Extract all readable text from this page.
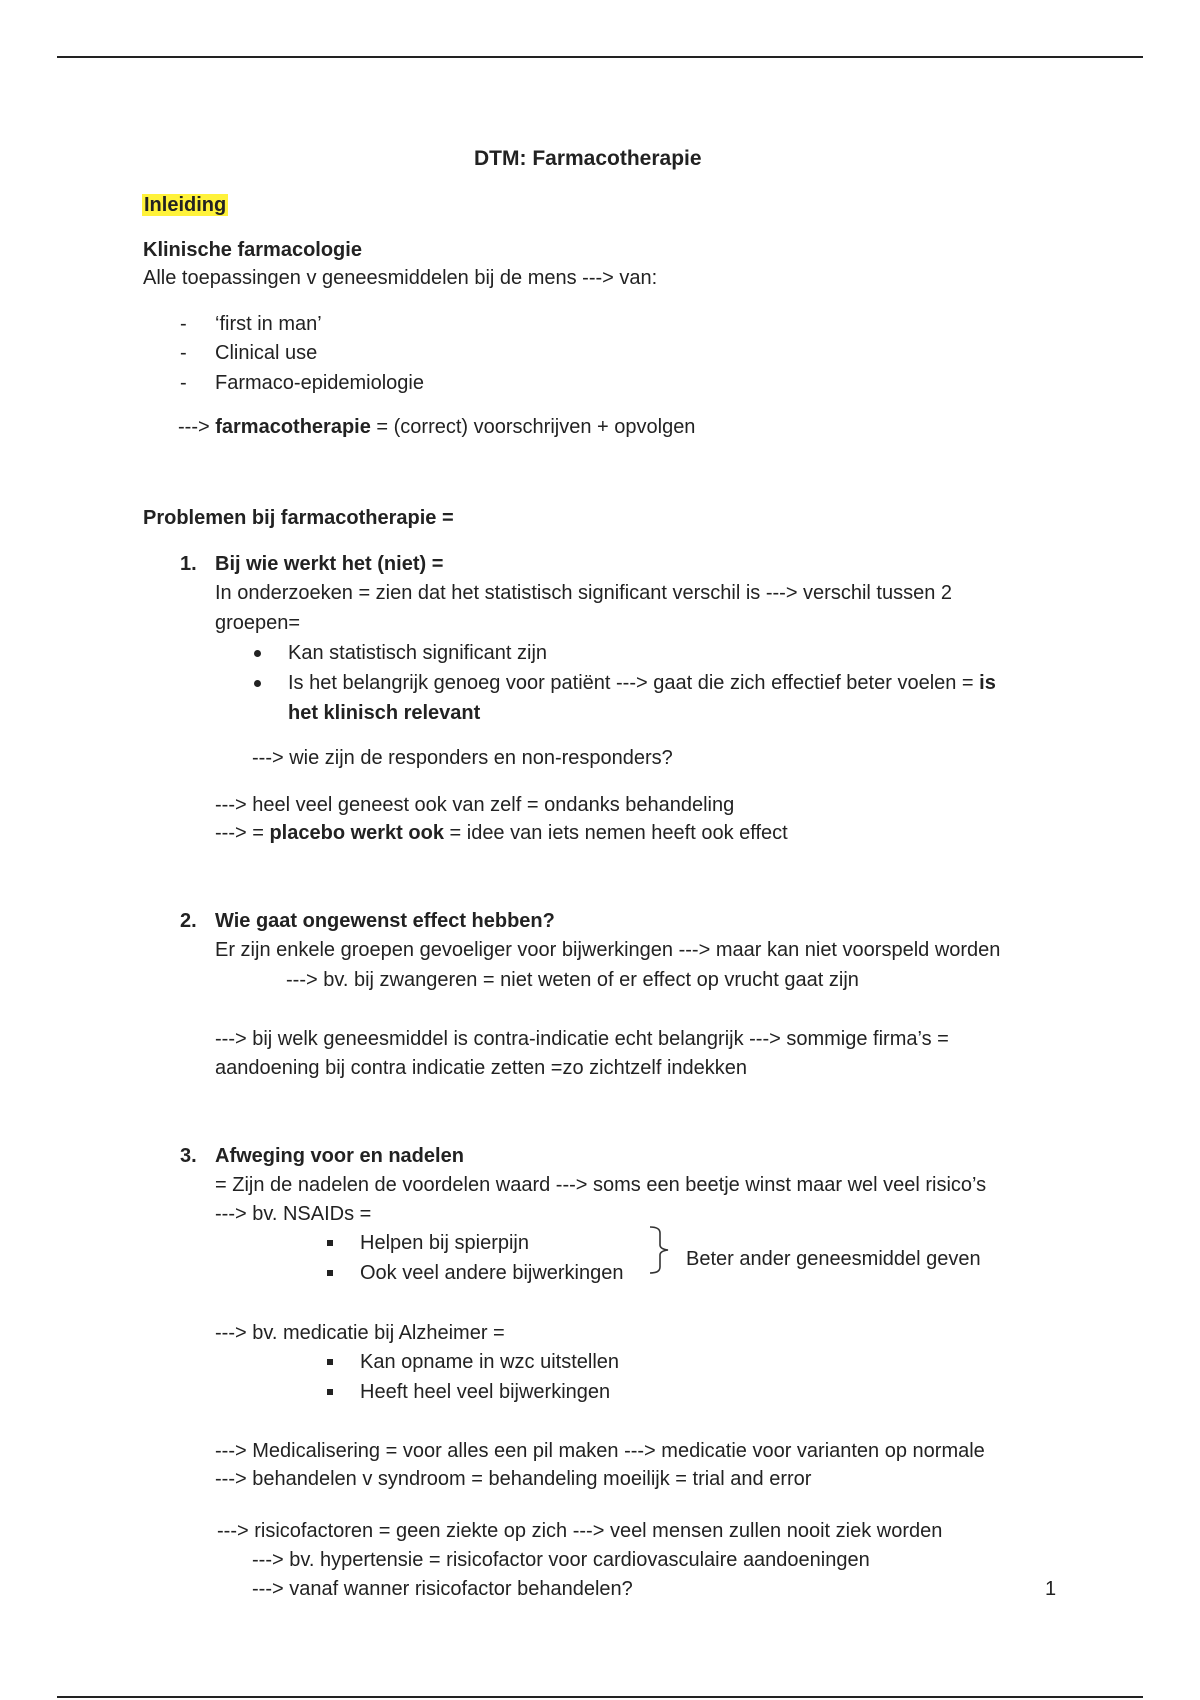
DTM: Farmacotherapie
Inleiding
Klinische farmacologie
Alle toepassingen v geneesmiddelen bij de mens ---> van:
- ‘first in man’
- Clinical use
- Farmaco-epidemiologie
---> farmacotherapie = (correct) voorschrijven + opvolgen
Problemen bij farmacotherapie =
1. Bij wie werkt het (niet) =
In onderzoeken = zien dat het statistisch significant verschil is ---> verschil tussen 2
groepen=
Kan statistisch significant zijn
Is het belangrijk genoeg voor patiënt ---> gaat die zich effectief beter voelen = is
het klinisch relevant
---> wie zijn de responders en non-responders?
---> heel veel geneest ook van zelf = ondanks behandeling
---> = placebo werkt ook = idee van iets nemen heeft ook effect
2. Wie gaat ongewenst effect hebben?
Er zijn enkele groepen gevoeliger voor bijwerkingen ---> maar kan niet voorspeld worden
---> bv. bij zwangeren = niet weten of er effect op vrucht gaat zijn
---> bij welk geneesmiddel is contra-indicatie echt belangrijk ---> sommige firma’s =
aandoening bij contra indicatie zetten =zo zichtzelf indekken
3. Afweging voor en nadelen
= Zijn de nadelen de voordelen waard ---> soms een beetje winst maar wel veel risico’s
---> bv. NSAIDs =
Helpen bij spierpijn
Ook veel andere bijwerkingen
Beter ander geneesmiddel geven
---> bv. medicatie bij Alzheimer =
Kan opname in wzc uitstellen
Heeft heel veel bijwerkingen
---> Medicalisering = voor alles een pil maken ---> medicatie voor varianten op normale
---> behandelen v syndroom = behandeling moeilijk = trial and error
---> risicofactoren = geen ziekte op zich ---> veel mensen zullen nooit ziek worden
---> bv. hypertensie = risicofactor voor cardiovasculaire aandoeningen
---> vanaf wanner risicofactor behandelen?	1
